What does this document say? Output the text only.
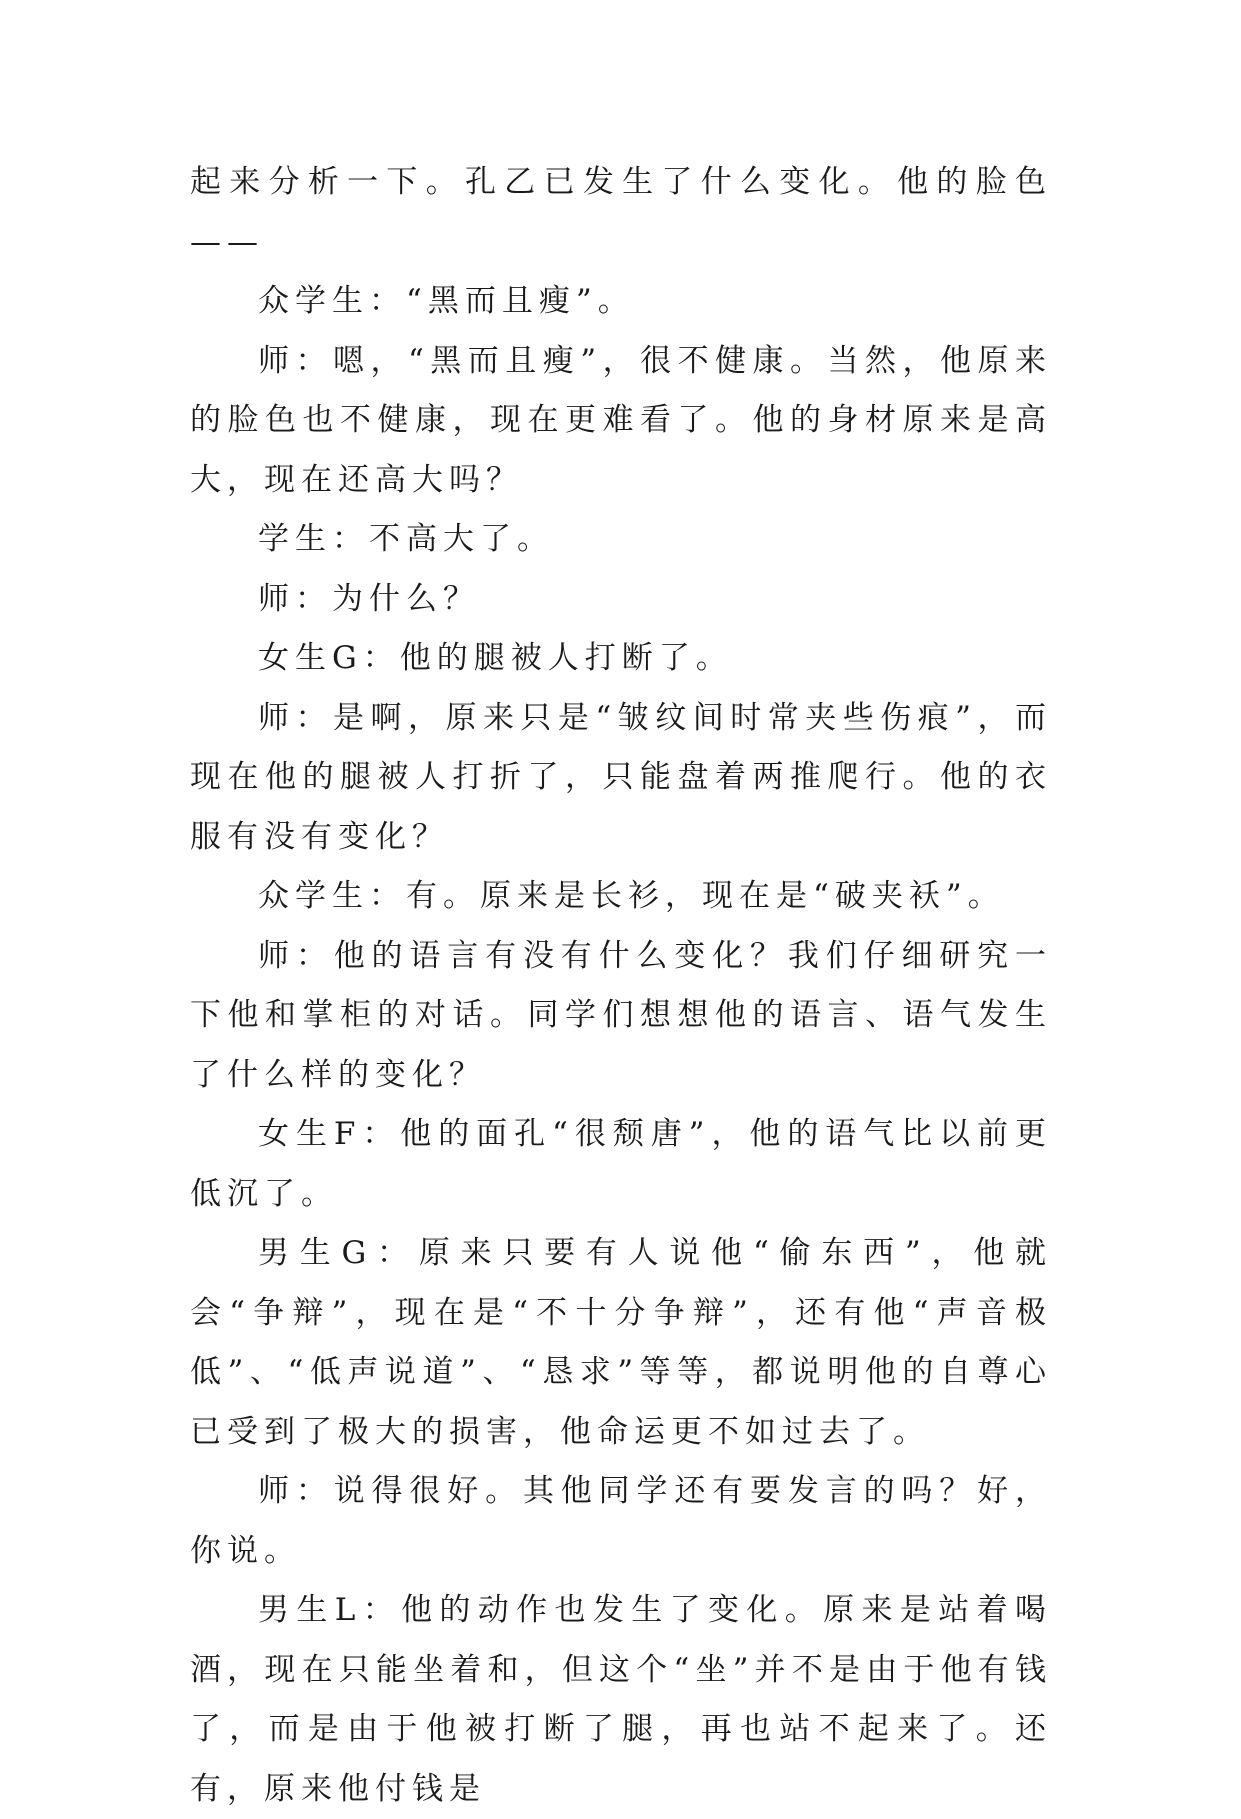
起来分析一下。孔乙已发生了什么变化。他的脸色——

众学生：“黑而且瘦”。

师：嗯，“黑而且瘦”，很不健康。当然，他原来的脸色也不健康，现在更难看了。他的身材原来是高大，现在还高大吗？

学生：不高大了。

师：为什么？

女生G：他的腿被人打断了。

师：是啊，原来只是“皱纹间时常夹些伤痕”，而现在他的腿被人打折了，只能盘着两推爬行。他的衣服有没有变化？

众学生：有。原来是长衫，现在是“破夹袄”。

师：他的语言有没有什么变化？我们仔细研究一下他和掌柜的对话。同学们想想他的语言、语气发生了什么样的变化？

女生F：他的面孔“很颓唐”，他的语气比以前更低沉了。

男生G：原来只要有人说他“偷东西”，他就会“争辩”，现在是“不十分争辩”，还有他“声音极低”、“低声说道”、“恳求”等等，都说明他的自尊心已受到了极大的损害，他命运更不如过去了。

师：说得很好。其他同学还有要发言的吗？好，你说。

男生L：他的动作也发生了变化。原来是站着喝酒，现在只能坐着和，但这个“坐”并不是由于他有钱了，而是由于他被打断了腿，再也站不起来了。还有，原来他付钱是
